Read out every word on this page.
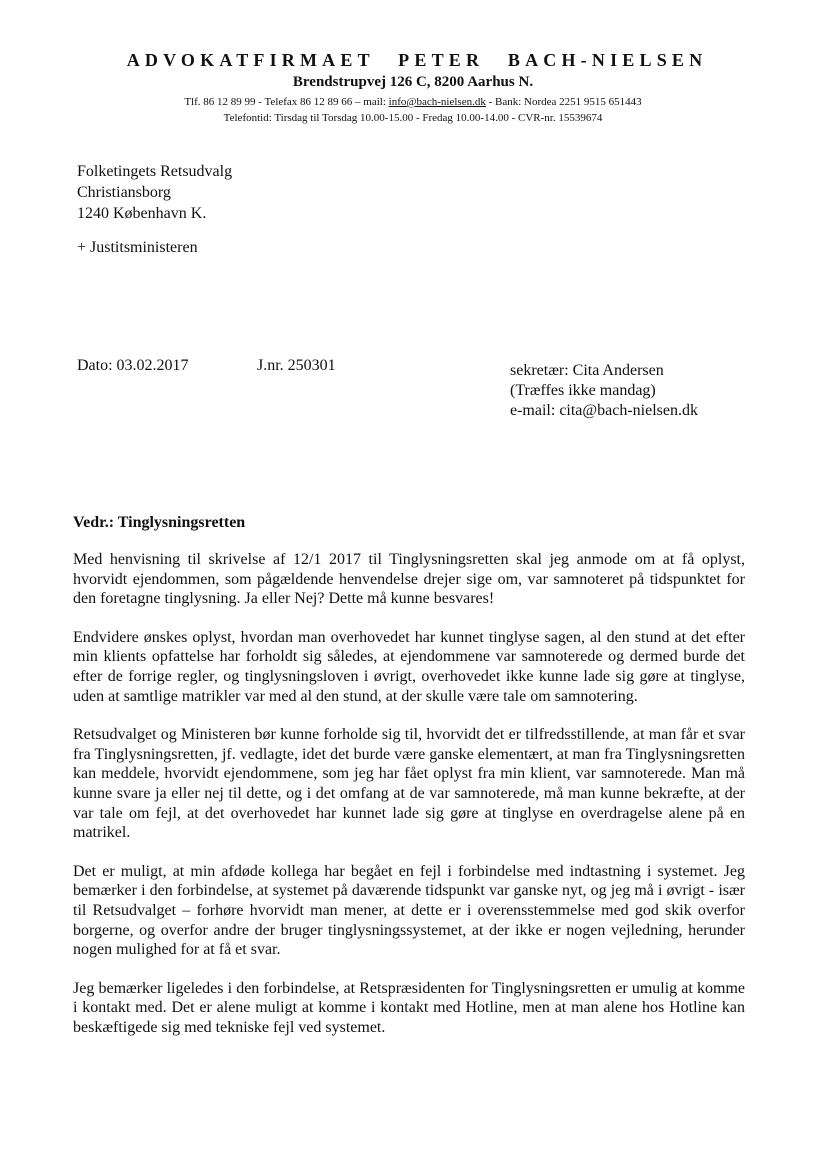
ADVOKATFIRMAET PETER BACH-NIELSEN
Brendstrupvej 126 C, 8200 Aarhus N.
Tlf. 86 12 89 99 - Telefax 86 12 89 66 – mail: info@bach-nielsen.dk - Bank: Nordea 2251 9515 651443
Telefontid: Tirsdag til Torsdag 10.00-15.00 - Fredag 10.00-14.00 - CVR-nr. 15539674
Folketingets Retsudvalg
Christiansborg
1240 København K.
+ Justitsministeren
Dato: 03.02.2017	J.nr. 250301	sekretær: Cita Andersen
(Træffes ikke mandag)
e-mail: cita@bach-nielsen.dk
Vedr.: Tinglysningsretten

Med henvisning til skrivelse af 12/1 2017 til Tinglysningsretten skal jeg anmode om at få oplyst, hvorvidt ejendommen, som pågældende henvendelse drejer sige om, var samnoteret på tidspunktet for den foretagne tinglysning. Ja eller Nej? Dette må kunne besvares!

Endvidere ønskes oplyst, hvordan man overhovedet har kunnet tinglyse sagen, al den stund at det efter min klients opfattelse har forholdt sig således, at ejendommene var samnoterede og dermed burde det efter de forrige regler, og tinglysningsloven i øvrigt, overhovedet ikke kunne lade sig gøre at tinglyse, uden at samtlige matrikler var med al den stund, at der skulle være tale om samnotering.

Retsudvalget og Ministeren bør kunne forholde sig til, hvorvidt det er tilfredsstillende, at man får et svar fra Tinglysningsretten, jf. vedlagte, idet det burde være ganske elementært, at man fra Tinglysningsretten kan meddele, hvorvidt ejendommene, som jeg har fået oplyst fra min klient, var samnoterede. Man må kunne svare ja eller nej til dette, og i det omfang at de var samnoterede, må man kunne bekræfte, at der var tale om fejl, at det overhovedet har kunnet lade sig gøre at tinglyse en overdragelse alene på en matrikel.

Det er muligt, at min afdøde kollega har begået en fejl i forbindelse med indtastning i systemet. Jeg bemærker i den forbindelse, at systemet på daværende tidspunkt var ganske nyt, og jeg må i øvrigt - især til Retsudvalget – forhøre hvorvidt man mener, at dette er i overensstemmelse med god skik overfor borgerne, og overfor andre der bruger tinglysningssystemet, at der ikke er nogen vejledning, herunder nogen mulighed for at få et svar.

Jeg bemærker ligeledes i den forbindelse, at Retspræsidenten for Tinglysningsretten er umulig at komme i kontakt med. Det er alene muligt at komme i kontakt med Hotline, men at man alene hos Hotline kan beskæftigede sig med tekniske fejl ved systemet.
